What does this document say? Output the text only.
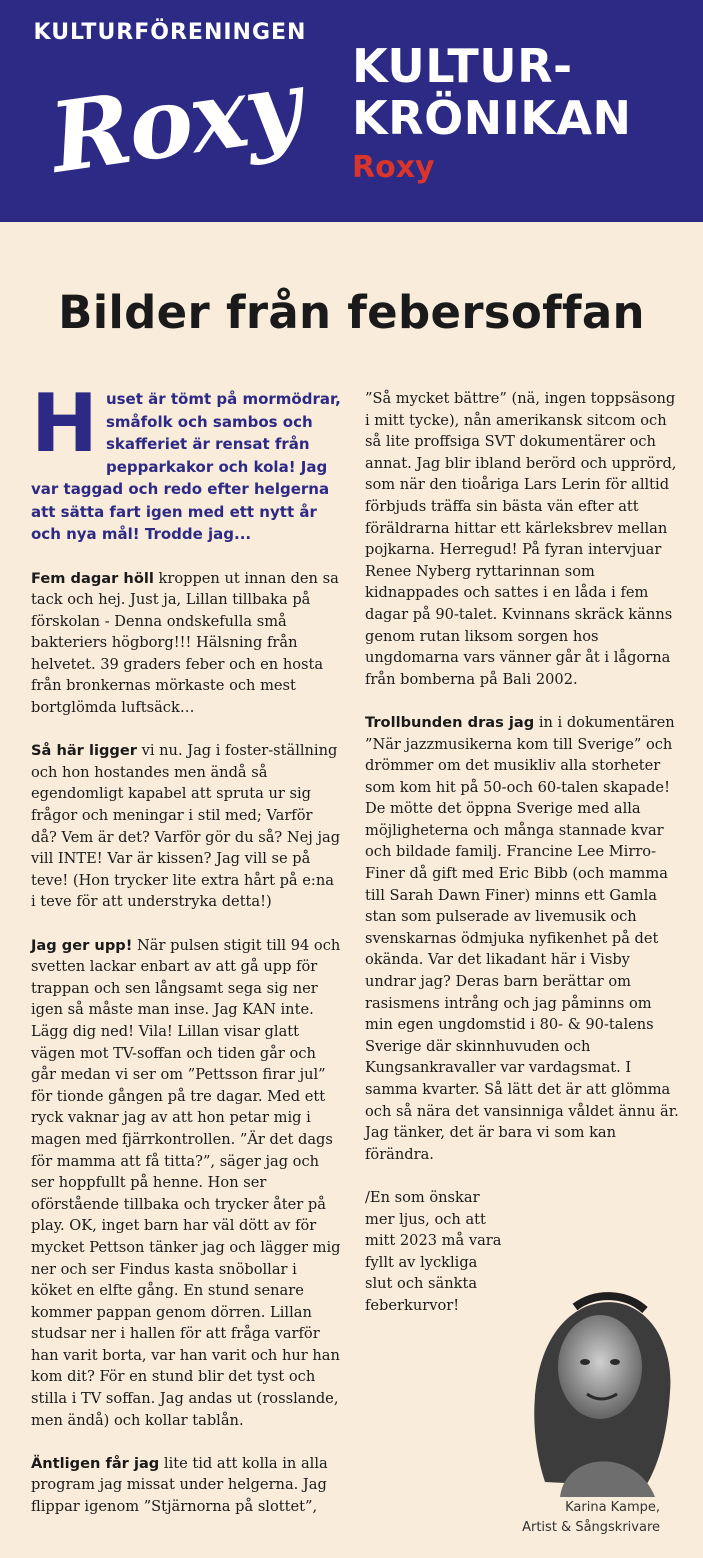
KULTURFÖRENINGEN
Roxy	KULTUR-
KRÖNIKAN
Roxy
Bilder från febersoffan

Huset är tömt på mormödrar, småfolk och sambos och skafferiet är rensat från pepparkakor och kola! Jag var taggad och redo efter helgerna att sätta fart igen med ett nytt år och nya mål! Trodde jag...

Fem dagar höll kroppen ut innan den sa tack och hej. Just ja, Lillan tillbaka på förskolan - Denna ondskefulla små bakteriers högborg!!! Hälsning från helvetet. 39 graders feber och en hosta från bronkernas mörkaste och mest bortglömda luftsäck…

Så här ligger vi nu. Jag i foster-ställning och hon hostandes men ändå så egendomligt kapabel att spruta ur sig frågor och meningar i stil med; Varför då? Vem är det? Varför gör du så? Nej jag vill INTE! Var är kissen? Jag vill se på teve! (Hon trycker lite extra hårt på e:na i teve för att understryka detta!)

Jag ger upp! När pulsen stigit till 94 och svetten lackar enbart av att gå upp för trappan och sen långsamt sega sig ner igen så måste man inse. Jag KAN inte. Lägg dig ned! Vila! Lillan visar glatt vägen mot TV-soffan och tiden går och går medan vi ser om ”Pettsson firar jul” för tionde gången på tre dagar. Med ett ryck vaknar jag av att hon petar mig i magen med fjärrkontrollen. ”Är det dags för mamma att få titta?”, säger jag och ser hoppfullt på henne. Hon ser oförstående tillbaka och trycker åter på play. OK, inget barn har väl dött av för mycket Pettson tänker jag och lägger mig ner och ser Findus kasta snöbollar i köket en elfte gång. En stund senare kommer pappan genom dörren. Lillan studsar ner i hallen för att fråga varför han varit borta, var han varit och hur han kom dit? För en stund blir det tyst och stilla i TV soffan. Jag andas ut (rosslande, men ändå) och kollar tablån.

Äntligen får jag lite tid att kolla in alla program jag missat under helgerna. Jag flippar igenom ”Stjärnorna på slottet”,

”Så mycket bättre” (nä, ingen toppsäsong i mitt tycke), nån amerikansk sitcom och så lite proffsiga SVT dokumentärer och annat. Jag blir ibland berörd och upprörd, som när den tioåriga Lars Lerin för alltid förbjuds träffa sin bästa vän efter att föräldrarna hittar ett kärleksbrev mellan pojkarna. Herregud! På fyran intervjuar Renee Nyberg ryttarinnan som kidnappades och sattes i en låda i fem dagar på 90-talet. Kvinnans skräck känns genom rutan liksom sorgen hos ungdomarna vars vänner går åt i lågorna från bomberna på Bali 2002.

Trollbunden dras jag in i dokumentären ”När jazzmusikerna kom till Sverige” och drömmer om det musikliv alla storheter som kom hit på 50-och 60-talen skapade! De mötte det öppna Sverige med alla möjligheterna och många stannade kvar och bildade familj. Francine Lee Mirro-Finer då gift med Eric Bibb (och mamma till Sarah Dawn Finer) minns ett Gamla stan som pulserade av livemusik och svenskarnas ödmjuka nyfikenhet på det okända. Var det likadant här i Visby undrar jag? Deras barn berättar om rasismens intrång och jag påminns om min egen ungdomstid i 80- & 90-talens Sverige där skinnhuvuden och Kungsankravaller var vardagsmat. I samma kvarter. Så lätt det är att glömma och så nära det vansinniga våldet ännu är. Jag tänker, det är bara vi som kan förändra.

/En som önskar mer ljus, och att mitt 2023 må vara fyllt av lyckliga slut och sänkta feberkurvor!

Karina Kampe,
Artist & Sångskrivare
